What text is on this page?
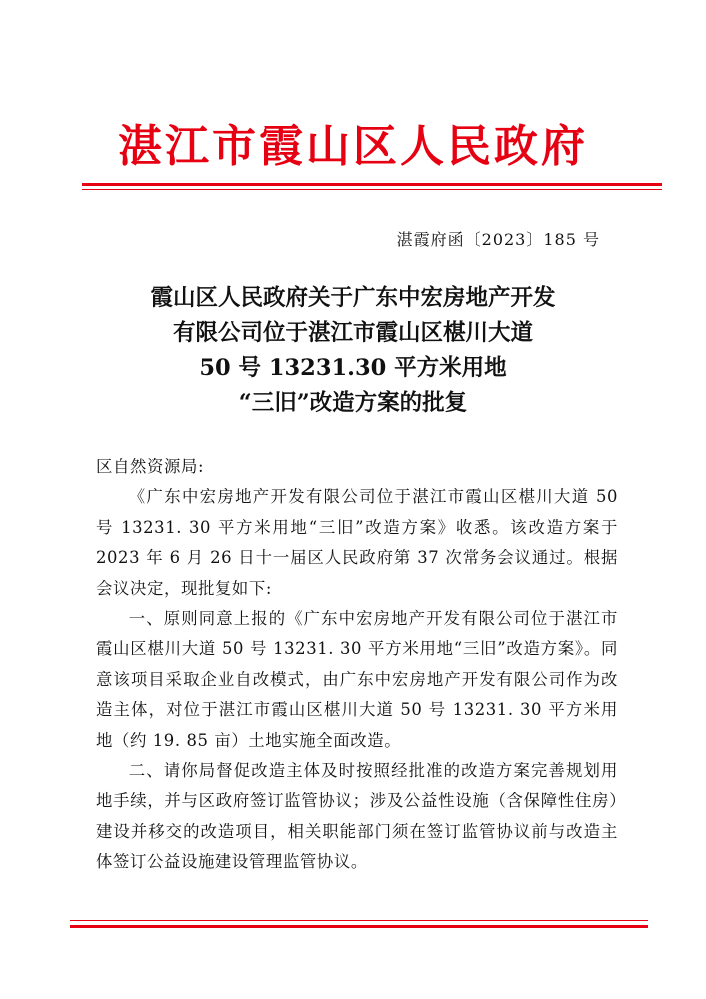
湛江市霞山区人民政府
湛霞府函〔2023〕185 号
霞山区人民政府关于广东中宏房地产开发
有限公司位于湛江市霞山区椹川大道
50 号 13231.30 平方米用地
“三旧”改造方案的批复

区自然资源局:

《广东中宏房地产开发有限公司位于湛江市霞山区椹川大道 50 号 13231. 30 平方米用地“三旧”改造方案》收悉。该改造方案于 2023 年 6 月 26 日十一届区人民政府第 37 次常务会议通过。根据会议决定，现批复如下:

一、原则同意上报的《广东中宏房地产开发有限公司位于湛江市霞山区椹川大道 50 号 13231. 30 平方米用地“三旧”改造方案》。同意该项目采取企业自改模式，由广东中宏房地产开发有限公司作为改造主体，对位于湛江市霞山区椹川大道 50 号 13231. 30 平方米用地（约 19. 85 亩）土地实施全面改造。

二、请你局督促改造主体及时按照经批准的改造方案完善规划用地手续，并与区政府签订监管协议；涉及公益性设施（含保障性住房）建设并移交的改造项目，相关职能部门须在签订监管协议前与改造主体签订公益设施建设管理监管协议。
